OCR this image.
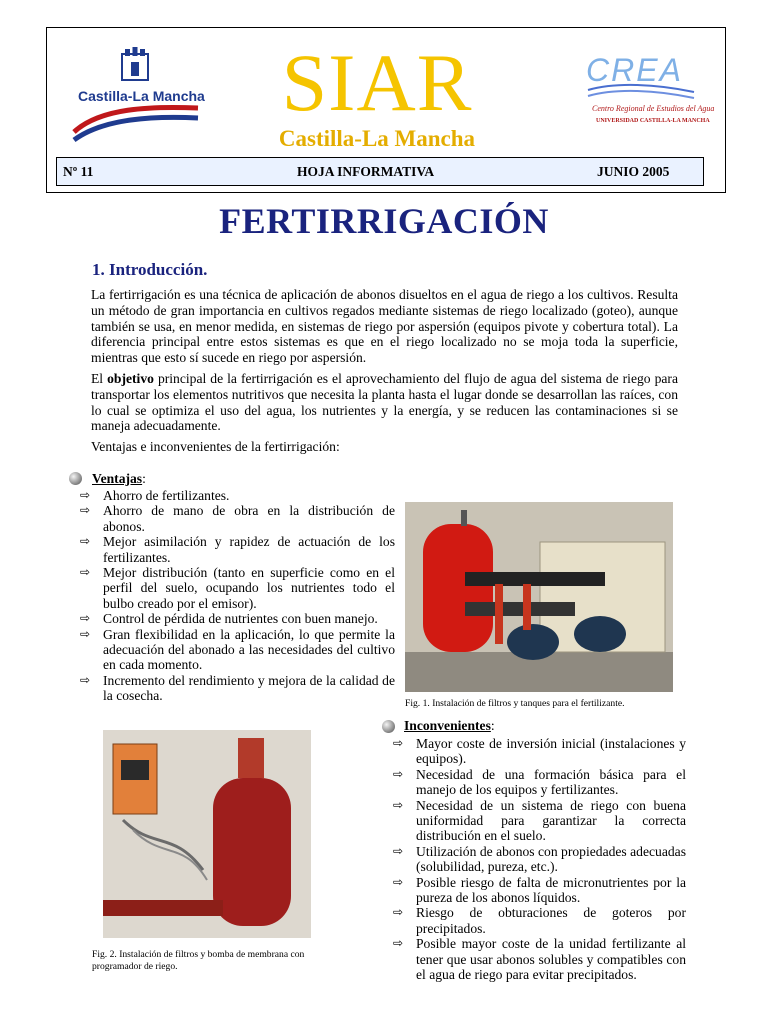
Castilla-La Mancha SIAR
Castilla-La Mancha
CREA
Centro Regional de Estudios del Agua
UNIVERSIDAD CASTILLA-LA MANCHA
Nº 11	HOJA INFORMATIVA	JUNIO 2005
FERTIRRIGACIÓN
1. Introducción.
La fertirrigación es una técnica de aplicación de abonos disueltos en el agua de riego a los cultivos. Resulta un método de gran importancia en cultivos regados mediante sistemas de riego localizado (goteo), aunque también se usa, en menor medida, en sistemas de riego por aspersión (equipos pivote y cobertura total). La diferencia principal entre estos sistemas es que en el riego localizado no se moja toda la superficie, mientras que esto sí sucede en riego por aspersión.
El objetivo principal de la fertirrigación es el aprovechamiento del flujo de agua del sistema de riego para transportar los elementos nutritivos que necesita la planta hasta el lugar donde se desarrollan las raíces, con lo cual se optimiza el uso del agua, los nutrientes y la energía, y se reducen las contaminaciones si se maneja adecuadamente.
Ventajas e inconvenientes de la fertirrigación:
Ventajas:
⇨ Ahorro de fertilizantes.
⇨ Ahorro de mano de obra en la distribución de abonos.
⇨ Mejor asimilación y rapidez de actuación de los fertilizantes.
⇨ Mejor distribución (tanto en superficie como en el perfil del suelo, ocupando los nutrientes todo el bulbo creado por el emisor).
⇨ Control de pérdida de nutrientes con buen manejo.
⇨ Gran flexibilidad en la aplicación, lo que permite la adecuación del abonado a las necesidades del cultivo en cada momento.
⇨ Incremento del rendimiento y mejora de la calidad de la cosecha.
Fig. 1. Instalación de filtros y tanques para el fertilizante.
Inconvenientes:
⇨ Mayor coste de inversión inicial (instalaciones y equipos).
⇨ Necesidad de una formación básica para el manejo de los equipos y fertilizantes.
⇨ Necesidad de un sistema de riego con buena uniformidad para garantizar la correcta distribución en el suelo.
⇨ Utilización de abonos con propiedades adecuadas (solubilidad, pureza, etc.).
⇨ Posible riesgo de falta de micronutrientes por la pureza de los abonos líquidos.
⇨ Riesgo de obturaciones de goteros por precipitados.
⇨ Posible mayor coste de la unidad fertilizante al tener que usar abonos solubles y compatibles con el agua de riego para evitar precipitados.
Fig. 2. Instalación de filtros y bomba de membrana con programador de riego.
